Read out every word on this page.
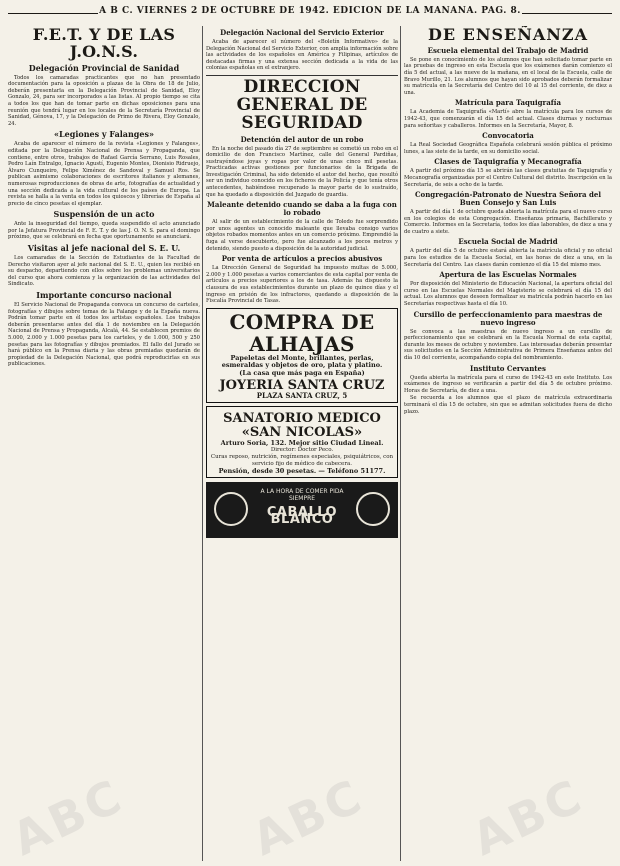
A B C. VIERNES 2 DE OCTUBRE DE 1942. EDICION DE LA MAÑANA. PAG. 8.
F.E.T. Y DE LAS J.O.N.S.
Delegación Provincial de Sanidad

Todos los camaradas practicantes que no han presentado documentación para la oposición a plazas de la Obra de 18 de Julio, deberán presentarla en la Delegación Provincial de Sanidad, Eloy Gonzalo, 24, para ser incorporados a las listas. Al propio tiempo se cita a todos los que han de tomar parte en dichas oposiciones para una reunión que tendrá lugar en los locales de la Secretaría Provincial de Sanidad, Génova, 17, y la Delegación de Primo de Rivera, Eloy Gonzalo, 24.

«Legiones y Falanges»

Acaba de aparecer el número de la revista «Legiones y Falanges», editada por la Delegación Nacional de Prensa y Propaganda, que contiene, entre otros, trabajos de Rafael García Serrano, Luis Rosales, Pedro Laín Entralgo, Ignacio Agustí, Eugenio Montes, Dionisio Ridruejo, Álvaro Cunqueiro, Felipe Ximénez de Sandoval y Samuel Ros. Se publican asimismo colaboraciones de escritores italianos y alemanes, numerosas reproducciones de obras de arte, fotografías de actualidad y una sección dedicada a la vida cultural de los países de Europa. La revista se halla a la venta en todos los quioscos y librerías de España al precio de cinco pesetas el ejemplar.

Suspensión de un acto

Ante la inseguridad del tiempo, queda suspendido el acto anunciado por la Jefatura Provincial de F. E. T. y de las J. O. N. S. para el domingo próximo, que se celebrará en fecha que oportunamente se anunciará.

Visitas al jefe nacional del S. E. U.

Los camaradas de la Sección de Estudiantes de la Facultad de Derecho visitaron ayer al jefe nacional del S. E. U., quien les recibió en su despacho, departiendo con ellos sobre los problemas universitarios del curso que ahora comienza y la organización de las actividades del Sindicato.

Importante concurso nacional

El Servicio Nacional de Propaganda convoca un concurso de carteles, fotografías y dibujos sobre temas de la Falange y de la España nueva. Podrán tomar parte en él todos los artistas españoles. Los trabajos deberán presentarse antes del día 1 de noviembre en la Delegación Nacional de Prensa y Propaganda, Alcalá, 44. Se establecen premios de 5.000, 2.000 y 1.000 pesetas para los carteles, y de 1.000, 500 y 250 pesetas para las fotografías y dibujos premiados. El fallo del Jurado se hará público en la Prensa diaria y las obras premiadas quedarán de propiedad de la Delegación Nacional, que podrá reproducirlas en sus publicaciones.

Delegación Nacional del Servicio Exterior

Acaba de aparecer el número del «Boletín Informativo» de la Delegación Nacional del Servicio Exterior, con amplia información sobre las actividades de los españoles en América y Filipinas, artículos de destacadas firmas y una extensa sección dedicada a la vida de las colonias españolas en el extranjero.

DIRECCION GENERAL DE SEGURIDAD
Detención del autor de un robo

En la noche del pasado día 27 de septiembre se cometió un robo en el domicilio de don Francisco Martínez, calle del General Pardiñas, sustrayéndose joyas y ropas por valor de unas cinco mil pesetas. Practicadas activas gestiones por funcionarios de la Brigada de Investigación Criminal, ha sido detenido el autor del hecho, que resultó ser un individuo conocido en los ficheros de la Policía y que tenía otros antecedentes, habiéndose recuperado la mayor parte de lo sustraído, que ha quedado a disposición del Juzgado de guardia.

Maleante detenido cuando se daba a la fuga con lo robado

Al salir de un establecimiento de la calle de Toledo fue sorprendido por unos agentes un conocido maleante que llevaba consigo varios objetos robados momentos antes en un comercio próximo. Emprendió la fuga al verse descubierto, pero fue alcanzado a los pocos metros y detenido, siendo puesto a disposición de la autoridad judicial.

Por venta de artículos a precios abusivos

La Dirección General de Seguridad ha impuesto multas de 5.000, 2.000 y 1.000 pesetas a varios comerciantes de esta capital por venta de artículos a precios superiores a los de tasa. Además ha dispuesto la clausura de sus establecimientos durante un plazo de quince días y el ingreso en prisión de los infractores, quedando a disposición de la Fiscalía Provincial de Tasas.

COMPRA DE ALHAJAS
Papeletas del Monte, brillantes, perlas, esmeraldas y objetos de oro, plata y platino.
(La casa que más paga en España)
JOYERIA SANTA CRUZ
PLAZA SANTA CRUZ, 5
SANATORIO MEDICO «SAN NICOLAS»
Arturo Soria, 132. Mejor sitio Ciudad Lineal.
Director: Doctor Peco.
Curas reposo, nutrición, regímenes especiales, psiquiátricos, con servicio fijo de médico de cabecera.
Pensión, desde 30 pesetas. — Teléfono 51177.
A LA HORA DE COMER PIDA SIEMPRE
CABALLO BLANCO
DE ENSEÑANZA
Escuela elemental del Trabajo de Madrid

Se pone en conocimiento de los alumnos que han solicitado tomar parte en las pruebas de ingreso en esta Escuela que los exámenes darán comienzo el día 5 del actual, a las nueve de la mañana, en el local de la Escuela, calle de Bravo Murillo, 21. Los alumnos que hayan sido aprobados deberán formalizar su matrícula en la Secretaría del Centro del 10 al 15 del corriente, de diez a una.

Matrícula para Taquigrafía

La Academia de Taquigrafía «Martí» abre la matrícula para los cursos de 1942-43, que comenzarán el día 15 del actual. Clases diurnas y nocturnas para señoritas y caballeros. Informes en la Secretaría, Mayor, 8.

Convocatoria

La Real Sociedad Geográfica Española celebrará sesión pública el próximo lunes, a las siete de la tarde, en su domicilio social.

Clases de Taquigrafía y Mecanografía

A partir del próximo día 15 se abrirán las clases gratuitas de Taquigrafía y Mecanografía organizadas por el Centro Cultural del distrito. Inscripción en la Secretaría, de seis a ocho de la tarde.

Congregación-Patronato de Nuestra Señora del Buen Consejo y San Luis

A partir del día 1 de octubre queda abierta la matrícula para el nuevo curso en los colegios de esta Congregación. Enseñanza primaria, Bachillerato y Comercio. Informes en la Secretaría, todos los días laborables, de diez a una y de cuatro a siete.

Escuela Social de Madrid

A partir del día 5 de octubre estará abierta la matrícula oficial y no oficial para los estudios de la Escuela Social, en las horas de diez a una, en la Secretaría del Centro. Las clases darán comienzo el día 15 del mismo mes.

Apertura de las Escuelas Normales

Por disposición del Ministerio de Educación Nacional, la apertura oficial del curso en las Escuelas Normales del Magisterio se celebrará el día 15 del actual. Los alumnos que deseen formalizar su matrícula podrán hacerlo en las Secretarías respectivas hasta el día 10.

Cursillo de perfeccionamiento para maestras de nuevo ingreso

Se convoca a las maestras de nuevo ingreso a un cursillo de perfeccionamiento que se celebrará en la Escuela Normal de esta capital, durante los meses de octubre y noviembre. Las interesadas deberán presentar sus solicitudes en la Sección Administrativa de Primera Enseñanza antes del día 10 del corriente, acompañando copia del nombramiento.

Instituto Cervantes

Queda abierta la matrícula para el curso de 1942-43 en este Instituto. Los exámenes de ingreso se verificarán a partir del día 5 de octubre próximo. Horas de Secretaría, de diez a una.

Se recuerda a los alumnos que el plazo de matrícula extraordinaria terminará el día 15 de octubre, sin que se admitan solicitudes fuera de dicho plazo.

ABC ABC ABC
